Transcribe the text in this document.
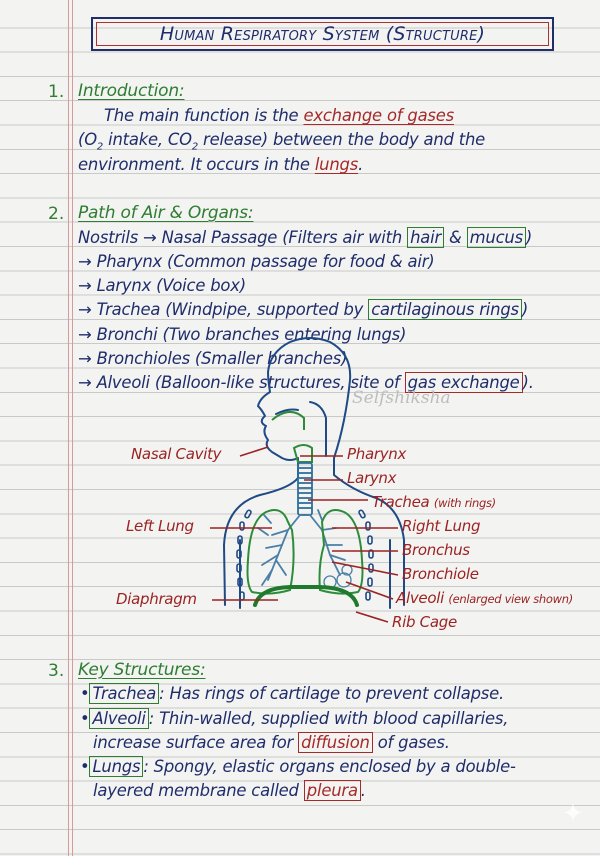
Human Respiratory System (Structure)
1. Introduction:
The main function is the exchange of gases
($O_2$ intake, $CO_2$ release) between the body and the
environment. It occurs in the lungs.
2. Path of Air & Organs:
Nostrils → Nasal Passage (Filters air with hair & mucus )
→ Pharynx (Common passage for food & air)
→ Larynx (Voice box)
→ Trachea (Windpipe, supported by cartilaginous rings )
→ Bronchi (Two branches entering lungs)
→ Bronchioles (Smaller branches)
→ Alveoli (Balloon-like structures, site of gas exchange ).
Selfshiksha
Nasal Cavity	Pharynx
Larynx
Trachea (with rings)
Left Lung	Right Lung
Bronchus
Bronchiole
Diaphragm	Alveoli (enlarged view shown)
Rib Cage
3. Key Structures:
• Trachea : Has rings of cartilage to prevent collapse.
• Alveoli : Thin-walled, supplied with blood capillaries,
increase surface area for diffusion of gases.
• Lungs : Spongy, elastic organs enclosed by a double-
layered membrane called pleura .
✦
